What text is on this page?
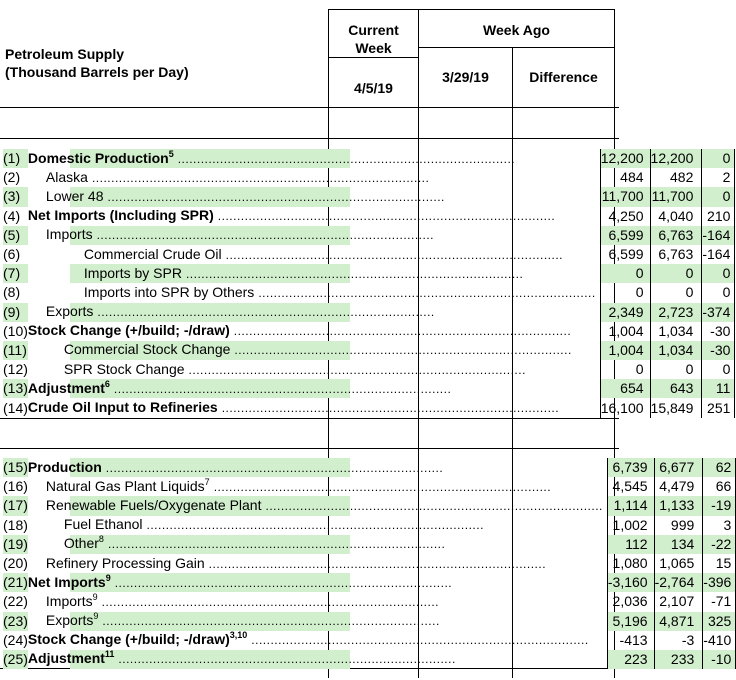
Petroleum Supply
(Thousand Barrels per Day)
Current
Week
Week Ago
4/5/19
3/29/19	Difference
(1)	Domestic Production$^5$ ........................................................................................	12,200	12,200	0
(2)	Alaska ........................................................................................	484	482	2
(3)	Lower 48 ........................................................................................	11,700	11,700	0
(4)	Net Imports (Including SPR) ........................................................................................	4,250	4,040	210
(5)	Imports ........................................................................................	6,599	6,763	-164
(6)	Commercial Crude Oil ........................................................................................	6,599	6,763	-164
(7)	Imports by SPR ........................................................................................	0	0	0
(8)	Imports into SPR by Others ........................................................................................	0	0	0
(9)	Exports ........................................................................................	2,349	2,723	-374
(10)	Stock Change (+/build; -/draw) ........................................................................................	1,004	1,034	-30
(11)	Commercial Stock Change ........................................................................................	1,004	1,034	-30
(12)	SPR Stock Change ........................................................................................	0	0	0
(13)	Adjustment$^6$ ........................................................................................	654	643	11
(14)	Crude Oil Input to Refineries ........................................................................................	16,100	15,849	251
(15)	Production ........................................................................................	6,739	6,677	62
(16)	Natural Gas Plant Liquids$^7$ ........................................................................................	4,545	4,479	66
(17)	Renewable Fuels/Oxygenate Plant ........................................................................................	1,114	1,133	-19
(18)	Fuel Ethanol ........................................................................................	1,002	999	3
(19)	Other$^8$ ........................................................................................	112	134	-22
(20)	Refinery Processing Gain ........................................................................................	1,080	1,065	15
(21)	Net Imports$^9$ ........................................................................................	-3,160	-2,764	-396
(22)	Imports$^9$ ........................................................................................	2,036	2,107	-71
(23)	Exports$^9$ ........................................................................................	5,196	4,871	325
(24)	Stock Change (+/build; -/draw)$^{3,10}$ ........................................................................................	-413	-3	-410
(25)	Adjustment$^{11}$ ........................................................................................	223	233	-10
